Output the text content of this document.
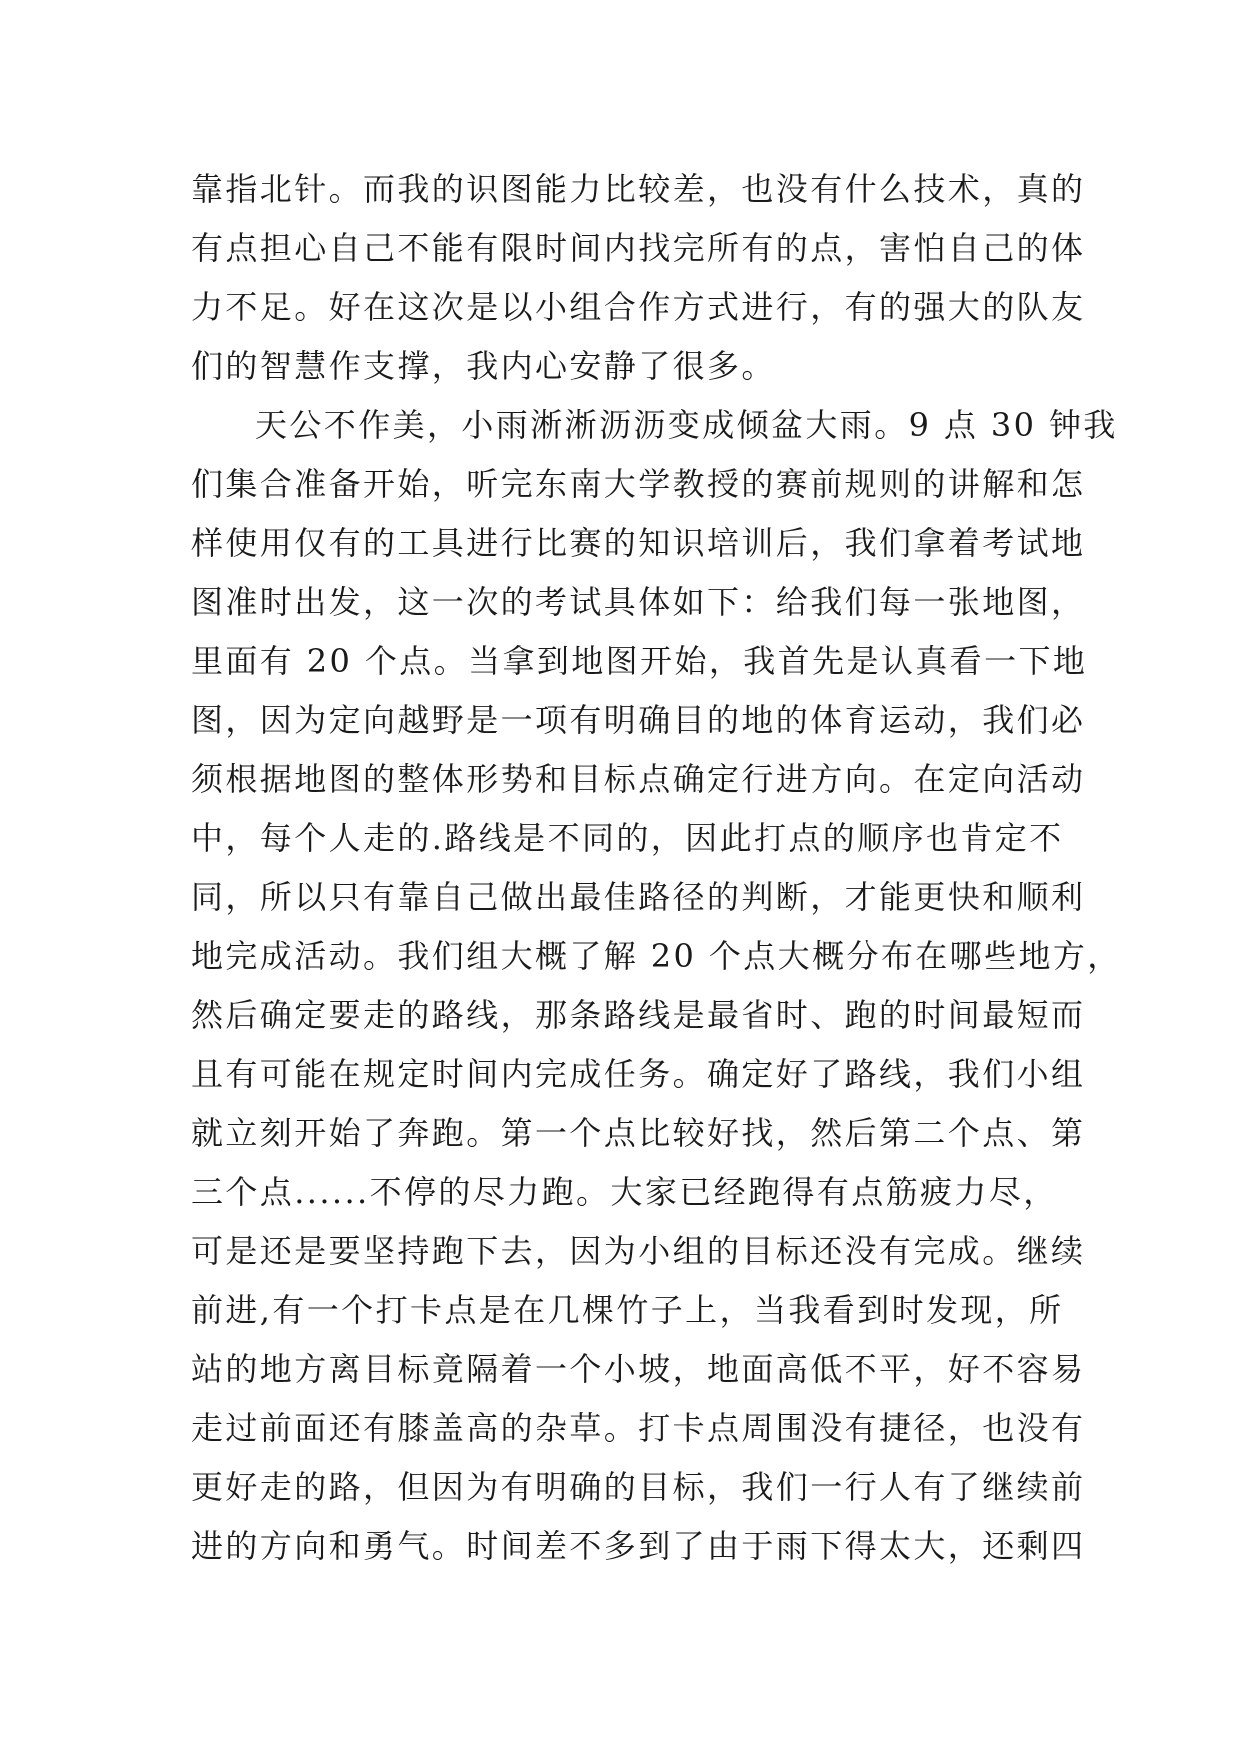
靠指北针。而我的识图能力比较差，也没有什么技术，真的
有点担心自己不能有限时间内找完所有的点，害怕自己的体
力不足。好在这次是以小组合作方式进行，有的强大的队友
们的智慧作支撑，我内心安静了很多。
天公不作美，小雨淅淅沥沥变成倾盆大雨。9 点 30 钟我
们集合准备开始，听完东南大学教授的赛前规则的讲解和怎
样使用仅有的工具进行比赛的知识培训后，我们拿着考试地
图准时出发，这一次的考试具体如下：给我们每一张地图，
里面有 20 个点。当拿到地图开始，我首先是认真看一下地
图，因为定向越野是一项有明确目的地的体育运动，我们必
须根据地图的整体形势和目标点确定行进方向。在定向活动
中，每个人走的.路线是不同的，因此打点的顺序也肯定不
同，所以只有靠自己做出最佳路径的判断，才能更快和顺利
地完成活动。我们组大概了解 20 个点大概分布在哪些地方，
然后确定要走的路线，那条路线是最省时、跑的时间最短而
且有可能在规定时间内完成任务。确定好了路线，我们小组
就立刻开始了奔跑。第一个点比较好找，然后第二个点、第
三个点......不停的尽力跑。大家已经跑得有点筋疲力尽，
可是还是要坚持跑下去，因为小组的目标还没有完成。继续
前进,有一个打卡点是在几棵竹子上，当我看到时发现，所
站的地方离目标竟隔着一个小坡，地面高低不平，好不容易
走过前面还有膝盖高的杂草。打卡点周围没有捷径，也没有
更好走的路，但因为有明确的目标，我们一行人有了继续前
进的方向和勇气。时间差不多到了由于雨下得太大，还剩四
